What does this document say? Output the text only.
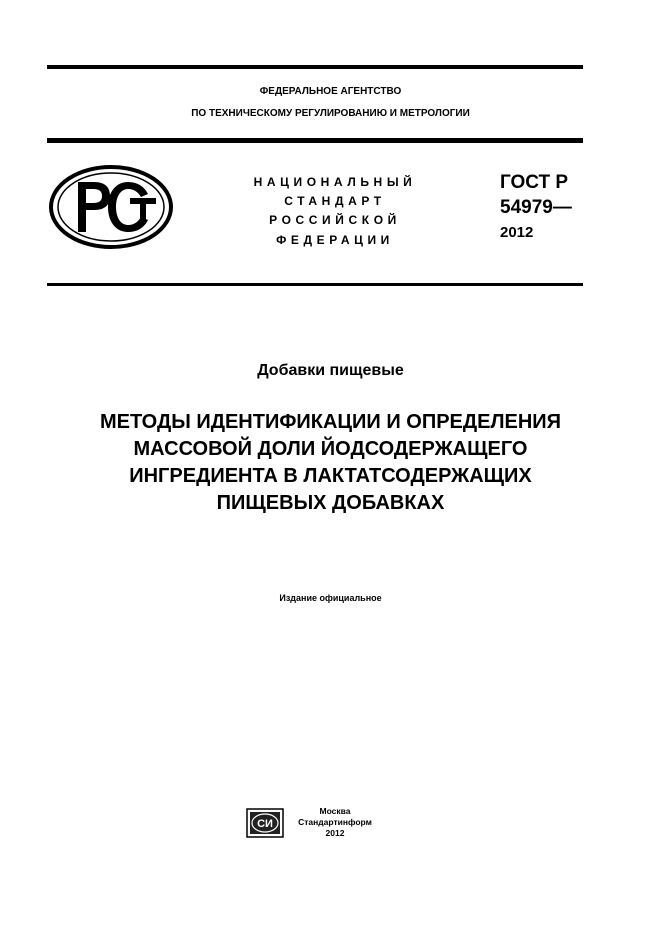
ФЕДЕРАЛЬНОЕ АГЕНТСТВО
ПО ТЕХНИЧЕСКОМУ РЕГУЛИРОВАНИЮ И МЕТРОЛОГИИ
НАЦИОНАЛЬНЫЙ
СТАНДАРТ
РОССИЙСКОЙ
ФЕДЕРАЦИИ
ГОСТ Р
54979—
2012
Добавки пищевые
МЕТОДЫ ИДЕНТИФИКАЦИИ И ОПРЕДЕЛЕНИЯ
МАССОВОЙ ДОЛИ ЙОДСОДЕРЖАЩЕГО
ИНГРЕДИЕНТА В ЛАКТАТСОДЕРЖАЩИХ
ПИЩЕВЫХ ДОБАВКАХ
Издание официальное
СИ
Москва
Стандартинформ
2012
